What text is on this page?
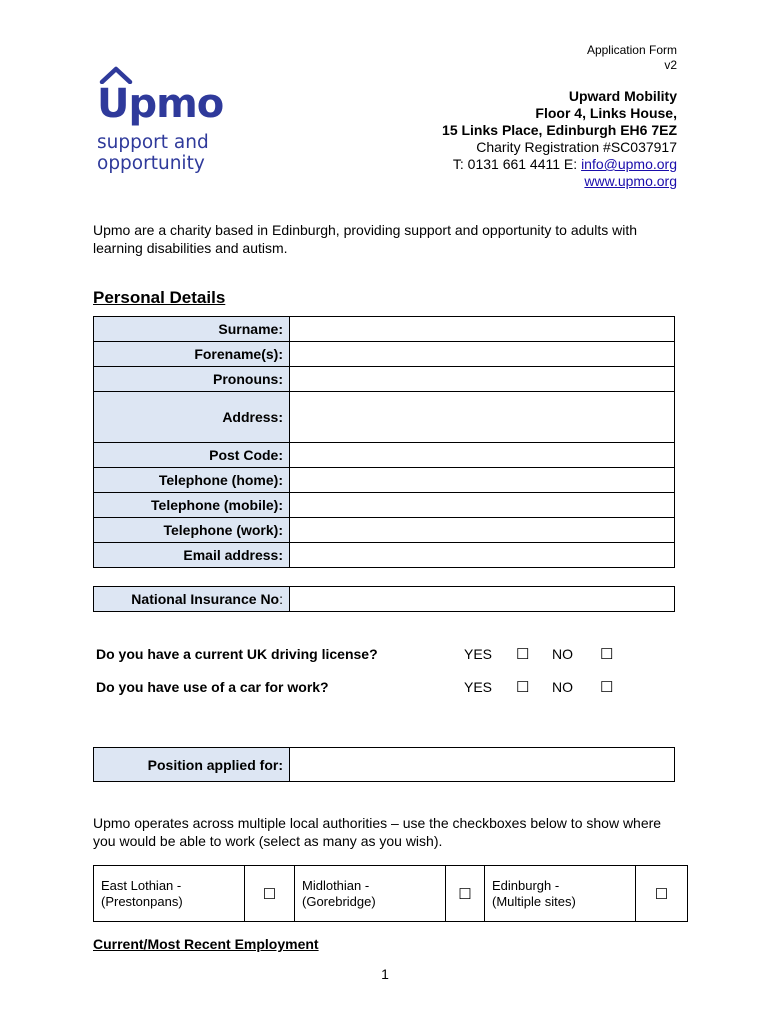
Application Form
v2
Upmo
support and
opportunity
Upward Mobility
Floor 4, Links House,
15 Links Place, Edinburgh EH6 7EZ
Charity Registration #SC037917
T: 0131 661 4411 E: info@upmo.org
www.upmo.org
Upmo are a charity based in Edinburgh, providing support and opportunity to adults with learning disabilities and autism.
Personal Details
Surname:	
Forename(s):	
Pronouns:	
Address:	
Post Code:	
Telephone (home):	
Telephone (mobile):	
Telephone (work):	
Email address:	
National Insurance No:	
Do you have a current UK driving license?	YES ☐ NO ☐
Do you have use of a car for work?	YES ☐ NO ☐
Position applied for:	
Upmo operates across multiple local authorities – use the checkboxes below to show where you would be able to work (select as many as you wish).
East Lothian -
(Prestonpans)	☐	
Midlothian -
(Gorebridge)	☐	
Edinburgh -
(Multiple sites)	☐
Current/Most Recent Employment
1
